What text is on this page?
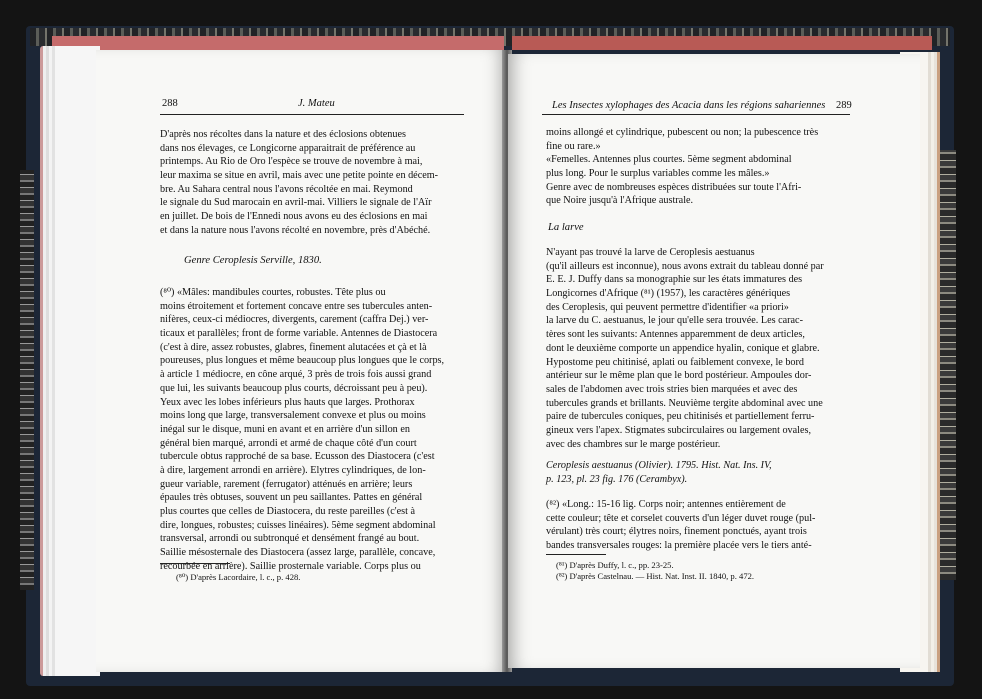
288	J. Mateu
D'après nos récoltes dans la nature et des éclosions obtenues
dans nos élevages, ce Longicorne apparaitrait de préférence au
printemps. Au Rio de Oro l'espèce se trouve de novembre à mai,
leur maxima se situe en avril, mais avec une petite pointe en décem-
bre. Au Sahara central nous l'avons récoltée en mai. Reymond
le signale du Sud marocain en avril-mai. Villiers le signale de l'Aïr
en juillet. De bois de l'Ennedi nous avons eu des éclosions en mai
et dans la nature nous l'avons récolté en novembre, près d'Abéché.
Genre Ceroplesis Serville, 1830.
(⁸⁰) «Mâles: mandibules courtes, robustes. Tête plus ou
moins étroitement et fortement concave entre ses tubercules anten-
nifères, ceux-ci médiocres, divergents, carement (caffra Dej.) ver-
ticaux et parallèles; front de forme variable. Antennes de Diastocera
(c'est à dire, assez robustes, glabres, finement alutacées et çà et là
poureuses, plus longues et même beaucoup plus longues que le corps,
à article 1 médiocre, en cône arqué, 3 près de trois fois aussi grand
que lui, les suivants beaucoup plus courts, décroissant peu à peu).
Yeux avec les lobes inférieurs plus hauts que larges. Prothorax
moins long que large, transversalement convexe et plus ou moins
inégal sur le disque, muni en avant et en arrière d'un sillon en
général bien marqué, arrondi et armé de chaque côté d'un court
tubercule obtus rapproché de sa base. Ecusson des Diastocera (c'est
à dire, largement arrondi en arrière). Elytres cylindriques, de lon-
gueur variable, rarement (ferrugator) atténués en arrière; leurs
épaules très obtuses, souvent un peu saillantes. Pattes en général
plus courtes que celles de Diastocera, du reste pareilles (c'est à
dire, longues, robustes; cuisses linéaires). 5ème segment abdominal
transversal, arrondi ou subtronqué et densément frangé au bout.
Saillie mésosternale des Diastocera (assez large, parallèle, concave,
recourbée en arrière). Saillie prosternale variable. Corps plus ou
(⁸⁰) D'après Lacordaire, l. c., p. 428.
Les Insectes xylophages des Acacia dans les régions sahariennes 289
moins allongé et cylindrique, pubescent ou non; la pubescence très
fine ou rare.»
«Femelles. Antennes plus courtes. 5ème segment abdominal
plus long. Pour le surplus variables comme les mâles.»
Genre avec de nombreuses espèces distribuées sur toute l'Afri-
que Noire jusqu'à l'Afrique australe.
La larve
N'ayant pas trouvé la larve de Ceroplesis aestuanus
(qu'il ailleurs est inconnue), nous avons extrait du tableau donné par
E. E. J. Duffy dans sa monographie sur les états immatures des
Longicornes d'Afrique (⁸¹) (1957), les caractères génériques
des Ceroplesis, qui peuvent permettre d'identifier «a priori»
la larve du C. aestuanus, le jour qu'elle sera trouvée. Les carac-
tères sont les suivants: Antennes apparemment de deux articles,
dont le deuxième comporte un appendice hyalin, conique et glabre.
Hypostome peu chitinisé, aplati ou faiblement convexe, le bord
antérieur sur le même plan que le bord postérieur. Ampoules dor-
sales de l'abdomen avec trois stries bien marquées et avec des
tubercules grands et brillants. Neuvième tergite abdominal avec une
paire de tubercules coniques, peu chitinisés et partiellement ferru-
gineux vers l'apex. Stigmates subcirculaires ou largement ovales,
avec des chambres sur le marge postérieur.
Ceroplesis aestuanus (Olivier). 1795. Hist. Nat. Ins. IV,
p. 123, pl. 23 fig. 176 (Cerambyx).
(⁸²) «Long.: 15-16 lig. Corps noir; antennes entièrement de
cette couleur; tête et corselet couverts d'un léger duvet rouge (pul-
vérulant) très court; élytres noirs, finement ponctués, ayant trois
bandes transversales rouges: la première placée vers le tiers anté-
(⁸¹) D'après Duffy, l. c., pp. 23-25.
(⁸²) D'après Castelnau. — Hist. Nat. Inst. II. 1840, p. 472.
